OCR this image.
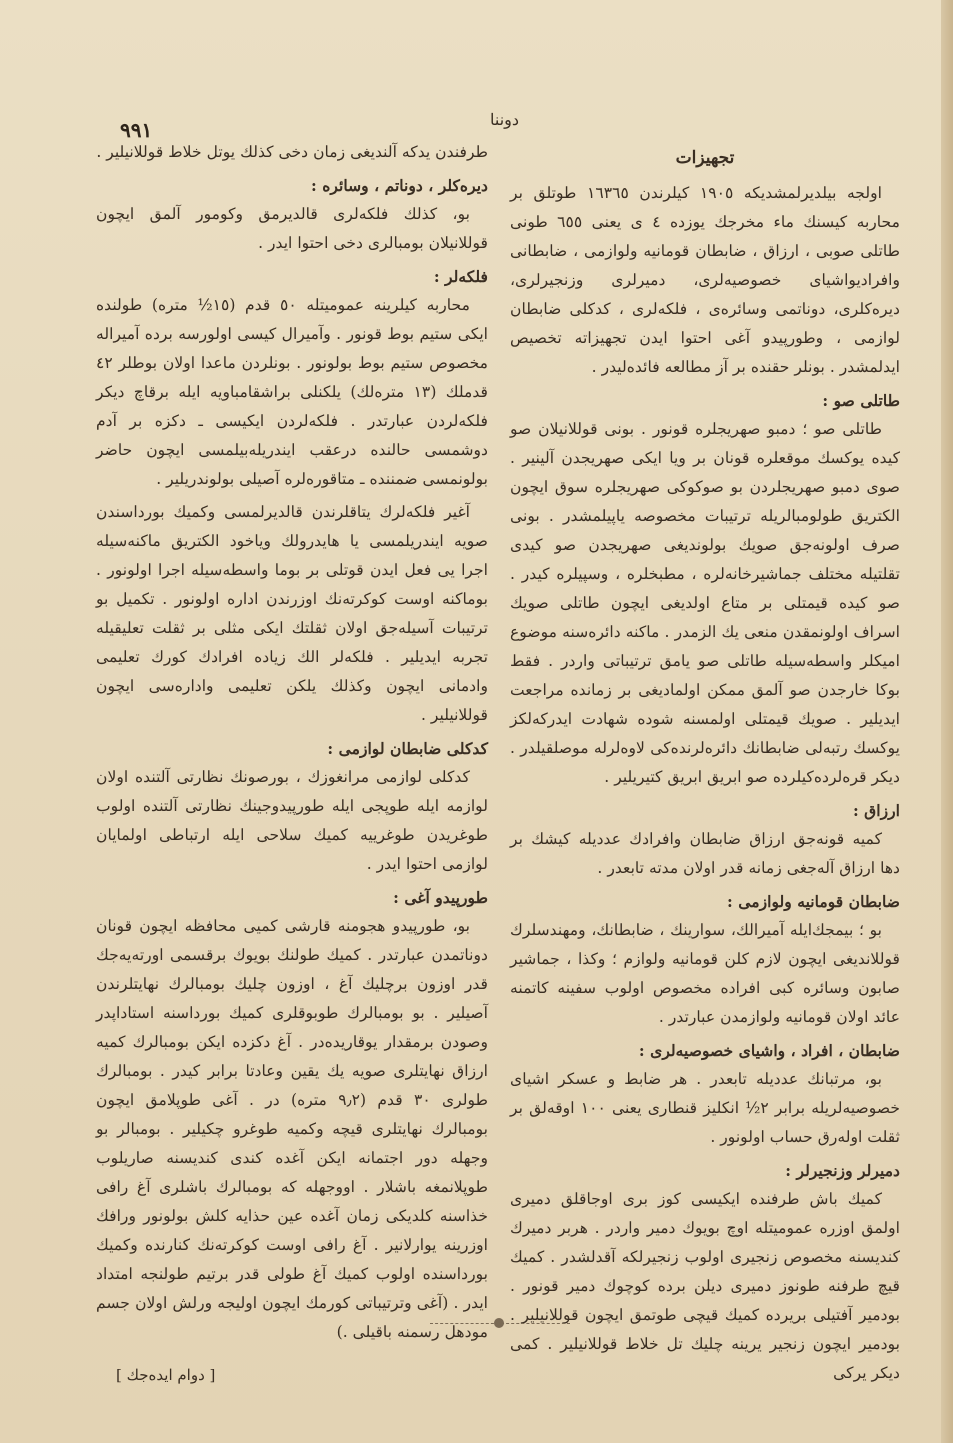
٩٩١	دوننا
تجهيزات

اولجه بيلديرلمشديكه ١٩٠٥ كيلرندن ١٦٣٦٥ طوتلق بر محاربه كيسنك ماء مخرجك يوزده ٤ ى يعنى ٦٥٥ طونى طاتلى صوبى ، ارزاق ، ضابطان قومانيه ولوازمى ، ضابطانى وافراديواشياى خصوصيه‌لرى، دميرلرى وزنجيرلرى، ديره‌كلرى، دوناتمى وسائره‌ى ، فلكه‌لرى ، كدكلى ضابطان لوازمى ، وطورپيدو آغى احتوا ايدن تجهيزاته تخصيص ايدلمشدر . بونلر حقنده بر آز مطالعه فائده‌ليدر .

طاتلى صو :

طاتلى صو ؛ دمبو صهريجلره قونور . بونى قوللانيلان صو كيده يوكسك موقعلره قونان بر ويا ايكى صهريجدن آلينير . صوى دمبو صهريجلردن بو صوكوكى صهريجلره سوق ايچون الكتريق طولومبالريله ترتيبات مخصوصه ياپيلمشدر . بونى صرف اولونه‌جق صويك بولونديغى صهريجدن صو كيدى تقلتيله مختلف جماشيرخانه‌لره ، مطبخلره ، وسپيلره كيدر . صو كيده قيمتلى بر متاع اولديغى ايچون طاتلى صويك اسراف اولونمقدن منعى يك الزمدر . ماكنه دائره‌سنه موضوع اميكلر واسطه‌سيله طاتلى صو يامق ترتيباتى واردر . فقط بوكا خارجدن صو آلمق ممكن اولماديغى بر زمانده مراجعت ايديلير . صويك قيمتلى اولمسنه شوده شهادت ايدركه‌لكز يوكسك رتبه‌لى ضابطانك دائره‌لرنده‌كى لاوه‌لرله موصلقيلدر . ديكر قره‌لرده‌كيلرده صو ابريق ابريق كتيريلير .

ارزاق :

كميه قونه‌جق ارزاق ضابطان وافرادك عدديله كيشك بر دها ارزاق آله‌جغى زمانه قدر اولان مدته تابعدر .

ضابطان قومانيه ولوازمى :

بو ؛ بيمجك‌ايله آميرالك، سوارينك ، ضابطانك، ومهندسلرك قوللانديغى ايچون لازم كلن قومانيه ولوازم ؛ وكذا ، جماشير صابون وسائره كبى افراده مخصوص اولوب سفينه كاتمنه عائد اولان قومانيه ولوازمدن عبارتدر .

ضابطان ، افراد ، واشياى خصوصيه‌لرى :

بو، مرتبانك عدديله تابعدر . هر ضابط و عسكر اشياى خصوصيه‌لريله برابر ٢½ انكليز قنطارى يعنى ١٠٠ اوقه‌لق بر ثقلت اوله‌رق حساب اولونور .

دميرلر وزنجيرلر :

كميك باش طرفنده ايكيسى كوز برى اوجاقلق دميرى اولمق اوزره عموميتله اوچ بويوك دمير واردر . هربر دميرك كنديسنه مخصوص زنجيرى اولوب زنجيرلكه آقدلشدر . كميك قيچ طرفنه طونوز دميرى ديلن برده كوچوك دمير قونور . بودمير آفتيلى بريرده كميك قيچى طوتمق ايچون قوللانيلير . بودمير ايچون زنجير يرينه چليك تل خلاط قوللانيلير . كمى ديكر يركى

طرفندن يدكه آلنديغى زمان دخى كذلك يوتل خلاط قوللانيلير .

ديره‌كلر ، دوناتم ، وسائره :

بو، كذلك فلكه‌لرى قالديرمق وكومور آلمق ايچون قوللانيلان بومبالرى دخى احتوا ايدر .

فلكه‌لر :

محاربه كيلرينه عموميتله ٥٠ قدم (١٥½ متره) طولنده ايكى ستيم بوط قونور . وآميرال كيسى اولورسه برده آميراله مخصوص ستيم بوط بولونور . بونلردن ماعدا اولان بوطلر ٤٢ قدملك (١٣ متره‌لك) يلكنلى براشقامباويه ايله برقاچ ديكر فلكه‌لردن عبارتدر . فلكه‌لردن ايكيسى ـ دكزه بر آدم دوشمسى حالنده درعقب ايندريله‌بيلمسى ايچون حاضر بولونمسى ضمننده ـ متاقوره‌لره آصيلى بولوندريلير .

آغير فلكه‌لرك يتاقلرندن قالديرلمسى وكميك بورداسندن صويه ايندريلمسى يا هايدرولك وياخود الكتريق ماكنه‌سيله اجرا يى فعل ايدن قوتلى بر بوما واسطه‌سيله اجرا اولونور . بوماكنه اوست كوكرته‌نك اوزرندن اداره اولونور . تكميل بو ترتيبات آسيله‌جق اولان ثقلتك ايكى مثلى بر ثقلت تعليقيله تجربه ايديلير . فلكه‌لر الك زياده افرادك كورك تعليمى وادمانى ايچون وكذلك يلكن تعليمى واداره‌سى ايچون قوللانيلير .

كدكلى ضابطان لوازمى :

كدكلى لوازمى مرانغوزك ، بورصونك نظارتى آلتنده اولان لوازمه ايله طوپجى ايله طورپيدوجينك نظارتى آلتنده اولوب طوغريدن طوغرييه كميك سلاحى ايله ارتباطى اولمايان لوازمى احتوا ايدر .

طورپيدو آغى :

بو، طورپيدو هجومنه قارشى كميى محافظه ايچون قونان دوناتمدن عبارتدر . كميك طولنك بويوك برقسمى اورته‌يه‌جك قدر اوزون برچليك آغ ، اوزون چليك بومبالرك نهايتلرندن آصيلير . بو بومبالرك طوبوقلرى كميك بورداسنه استاداپدر وصودن برمقدار يوقاريده‌در . آغ دكزده ايكن بومبالرك كميه ارزاق نهايتلرى صويه يك يقين وعادتا برابر كيدر . بومبالرك طولرى ٣٠ قدم (٩٫٢ متره) در . آغى طوپلامق ايچون بومبالرك نهايتلرى قيچه وكميه طوغرو چكيلير . بومبالر بو وجهله دور اجتمانه ايكن آغده كندى كنديسنه صاريلوب طوپلانمغه باشلار . اووجهله كه بومبالرك باشلرى آغ رافى خذاسنه كلديكى زمان آغده عين حذايه كلش بولونور ورافك اوزرينه يوارلانير . آغ رافى اوست كوكرته‌نك كنارنده وكميك بورداسنده اولوب كميك آغ طولى قدر برتيم طولنجه امتداد ايدر . (آغى وترتيباتى كورمك ايچون اوليجه ورلش اولان جسم مودهل رسمنه باقيلى .)

[ دوام ايده‌جك ]
